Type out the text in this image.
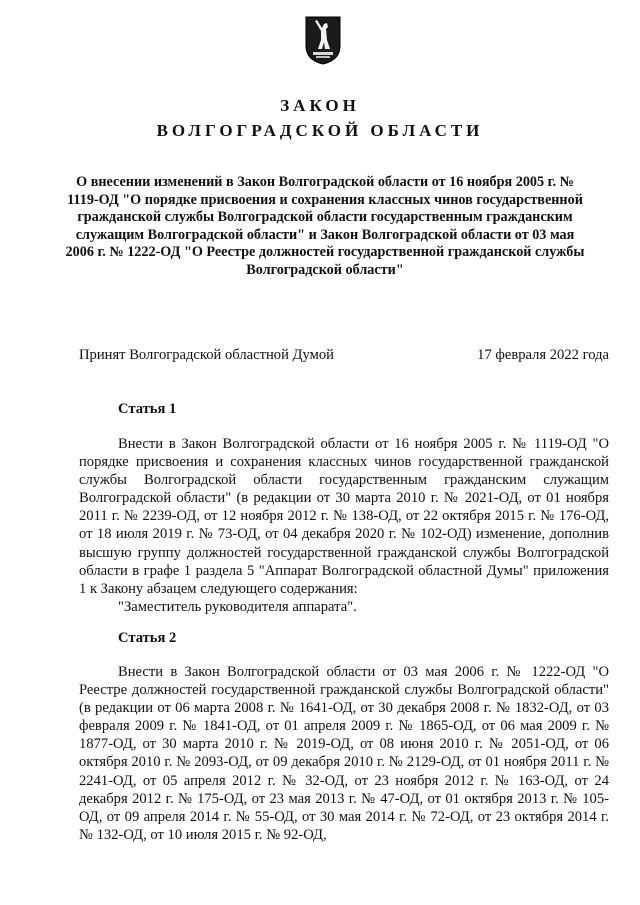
ЗАКОН
ВОЛГОГРАДСКОЙ ОБЛАСТИ
О внесении изменений в Закон Волгоградской области от 16 ноября 2005 г. № 1119-ОД "О порядке присвоения и сохранения классных чинов государственной гражданской службы Волгоградской области государственным гражданским служащим Волгоградской области" и Закон Волгоградской области от 03 мая 2006 г. № 1222-ОД "О Реестре должностей государственной гражданской службы Волгоградской области"
Принят Волгоградской областной Думой	17 февраля 2022 года
Статья 1

Внести в Закон Волгоградской области от 16 ноября 2005 г. № 1119-ОД "О порядке присвоения и сохранения классных чинов государственной гражданской службы Волгоградской области государственным гражданским служащим Волгоградской области" (в редакции от 30 марта 2010 г. № 2021-ОД, от 01 ноября 2011 г. № 2239-ОД, от 12 ноября 2012 г. № 138-ОД, от 22 октября 2015 г. № 176-ОД, от 18 июля 2019 г. № 73-ОД, от 04 декабря 2020 г. № 102-ОД) изменение, дополнив высшую группу должностей государственной гражданской службы Волгоградской области в графе 1 раздела 5 "Аппарат Волгоградской областной Думы" приложения 1 к Закону абзацем следующего содержания:

"Заместитель руководителя аппарата".

Статья 2

Внести в Закон Волгоградской области от 03 мая 2006 г. № 1222-ОД "О Реестре должностей государственной гражданской службы Волгоградской области" (в редакции от 06 марта 2008 г. № 1641-ОД, от 30 декабря 2008 г. № 1832-ОД, от 03 февраля 2009 г. № 1841-ОД, от 01 апреля 2009 г. № 1865-ОД, от 06 мая 2009 г. № 1877-ОД, от 30 марта 2010 г. № 2019-ОД, от 08 июня 2010 г. № 2051-ОД, от 06 октября 2010 г. № 2093-ОД, от 09 декабря 2010 г. № 2129-ОД, от 01 ноября 2011 г. № 2241-ОД, от 05 апреля 2012 г. № 32-ОД, от 23 ноября 2012 г. № 163-ОД, от 24 декабря 2012 г. № 175-ОД, от 23 мая 2013 г. № 47-ОД, от 01 октября 2013 г. № 105-ОД, от 09 апреля 2014 г. № 55-ОД, от 30 мая 2014 г. № 72-ОД, от 23 октября 2014 г. № 132-ОД, от 10 июля 2015 г. № 92-ОД,
